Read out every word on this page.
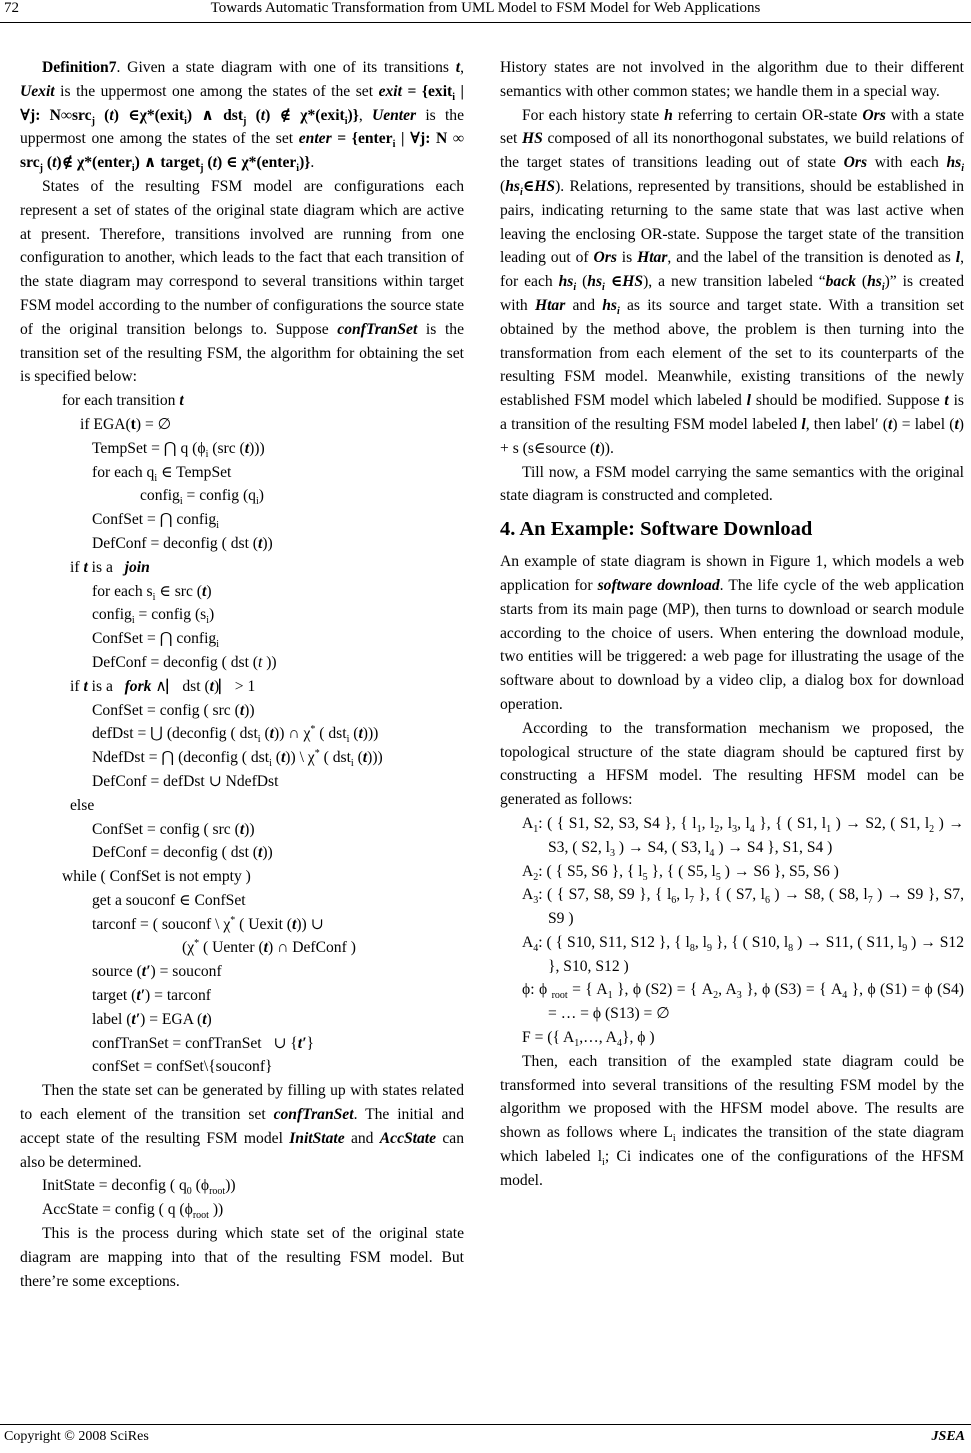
72	Towards Automatic Transformation from UML Model to FSM Model for Web Applications

Definition7. Given a state diagram with one of its transitions t, Uexit is the uppermost one among the states of the set exit = {exit$_i$ | ∀j: N∞src$_j$ (t) ∈χ*(exit$_i$) ∧ dst$_j$ (t) ∉ χ*(exit$_i$)}, Uenter is the uppermost one among the states of the set enter = {enter$_i$ | ∀j: N ∞ src$_j$ (t)∉ χ*(enter$_i$) ∧ target$_j$ (t) ∈ χ*(enter$_i$)}.

States of the resulting FSM model are configurations each represent a set of states of the original state diagram which are active at present. Therefore, transitions involved are running from one configuration to another, which leads to the fact that each transition of the state diagram may correspond to several transitions within target FSM model according to the number of configurations the source state of the original transition belongs to. Suppose confTranSet is the transition set of the resulting FSM, the algorithm for obtaining the set is specified below:

for each transition t
if EGA(t) = ∅
TempSet = ⋂ q ($\phi_i$ (src (t)))
for each $q_i$ ∈ TempSet
config$_i$ = config $(q_i)$
ConfSet = ⋂ config$_i$
DefConf = deconfig ( dst (t))
if t is a   join
for each $s_i$ ∈ src (t)
config$_i$ = config $(s_i)$
ConfSet = ⋂ config$_i$
DefConf = deconfig ( dst (t ))
if t is a   fork ∧⎸dst (t)⎸> 1
ConfSet = config ( src (t))
defDst = ⋃ (deconfig ( dst$_i$ (t)) ∩ χ* ( dst$_i$ (t)))
NdefDst = ⋂ (deconfig ( dst$_i$ (t)) \ χ* ( dst$_i$ (t)))
DefConf = defDst ∪ NdefDst
else
ConfSet = config ( src (t))
DefConf = deconfig ( dst (t))
while ( ConfSet is not empty )
get a souconf ∈ ConfSet
tarconf = ( souconf \ χ* ( Uexit (t)) ∪
(χ* ( Uenter (t) ∩ DefConf )
source (t′) = souconf
target (t′) = tarconf
label (t′) = EGA (t)
confTranSet = confTranSet   ∪ {t′}
confSet = confSet\{souconf}

Then the state set can be generated by filling up with states related to each element of the transition set confTranSet. The initial and accept state of the resulting FSM model InitState and AccState can also be determined.

InitState = deconfig ( $q_0$ $(\phi_{root})$)
AccState = config ( q ($\phi_{root}$ ))

This is the process during which state set of the original state diagram are mapping into that of the resulting FSM model. But there’re some exceptions.

History states are not involved in the algorithm due to their different semantics with other common states; we handle them in a special way.

For each history state h referring to certain OR-state Ors with a state set HS composed of all its nonorthogonal substates, we build relations of the target states of transitions leading out of state Ors with each $hs_i$ $(hs_i\in HS)$. Relations, represented by transitions, should be established in pairs, indicating returning to the same state that was last active when leaving the enclosing OR-state. Suppose the target state of the transition leading out of Ors is Htar, and the label of the transition is denoted as l, for each $hs_i$ ($hs_i$ ∈HS), a new transition labeled “back $(hs_i)$” is created with Htar and $hs_i$ as its source and target state. With a transition set obtained by the method above, the problem is then turning into the transformation from each element of the set to its counterparts of the resulting FSM model. Meanwhile, existing transitions of the newly established FSM model which labeled l should be modified. Suppose t is a transition of the resulting FSM model labeled l, then label′ (t) = label (t) + s (s∈source (t)).

Till now, a FSM model carrying the same semantics with the original state diagram is constructed and completed.

4. An Example: Software Download

An example of state diagram is shown in Figure 1, which models a web application for software download. The life cycle of the web application starts from its main page (MP), then turns to download or search module according to the choice of users. When entering the download module, two entities will be triggered: a web page for illustrating the usage of the software about to download by a video clip, a dialog box for download operation.

According to the transformation mechanism we proposed, the topological structure of the state diagram should be captured first by constructing a HFSM model. The resulting HFSM model can be generated as follows:

$A_1$: ( { S1, S2, S3, S4 }, { $l_1$, $l_2$, $l_3$, $l_4$ }, { ( S1, $l_1$ ) → S2, ( S1, $l_2$ ) → S3, ( S2, $l_3$ ) → S4, ( S3, $l_4$ ) → S4 }, S1, S4 )
$A_2$: ( { S5, S6 }, { $l_5$ }, { ( S5, $l_5$ ) → S6 }, S5, S6 )
$A_3$: ( { S7, S8, S9 }, { $l_6$, $l_7$ }, { ( S7, $l_6$ ) → S8, ( S8, $l_7$ ) → S9 }, S7, S9 )
$A_4$: ( { S10, S11, S12 }, { $l_8$, $l_9$ }, { ( S10, $l_8$ ) → S11, ( S11, $l_9$ ) → S12 }, S10, S12 )
ϕ: ϕ $_{root}$ = { $A_1$ }, ϕ (S2) = { $A_2$, $A_3$ }, ϕ (S3) = { $A_4$ }, ϕ (S1) = ϕ (S4) = … = ϕ (S13) = ∅
F = ({ $A_1,\dots$, $A_4$}, ϕ )

Then, each transition of the exampled state diagram could be transformed into several transitions of the resulting FSM model by the algorithm we proposed with the HFSM model above. The results are shown as follows where $L_i$ indicates the transition of the state diagram which labeled $l_i$; Ci indicates one of the configurations of the HFSM model.

Copyright © 2008 SciRes	JSEA
